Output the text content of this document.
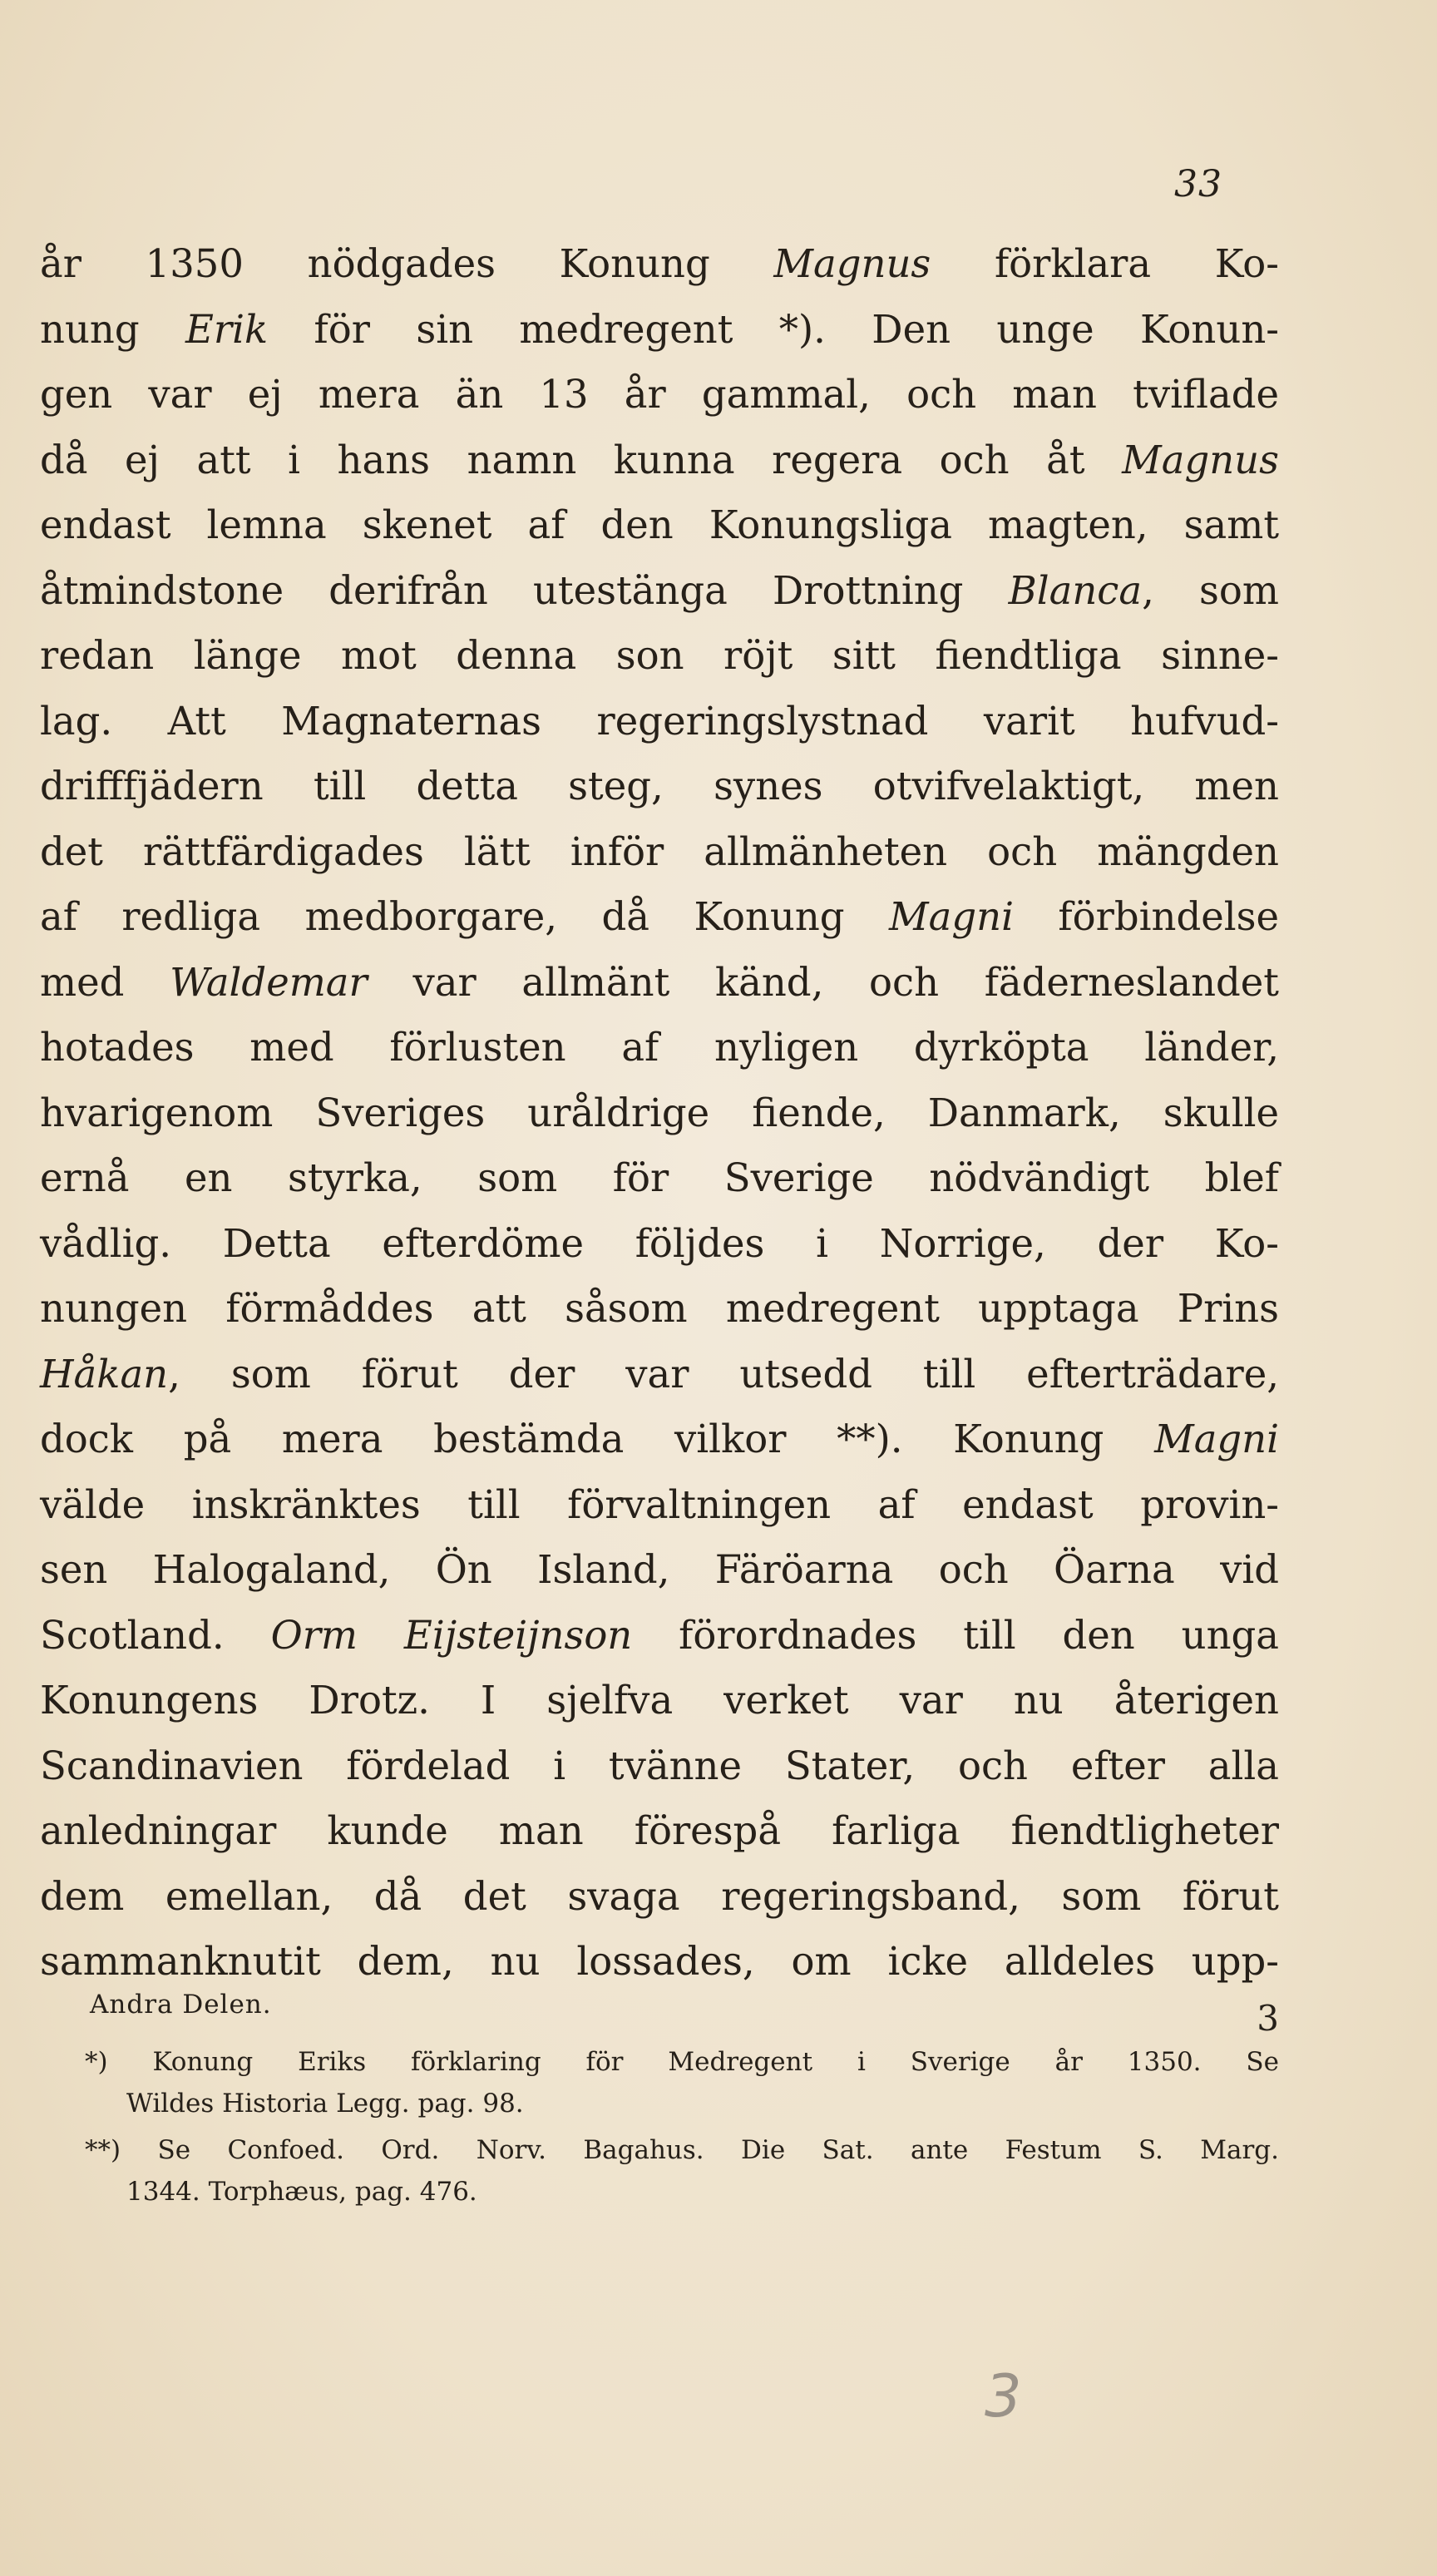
33
år 1350 nödgades Konung Magnus förklara Ko-
nung Erik för sin medregent *). Den unge Konun-
gen var ej mera än 13 år gammal, och man tviflade
då ej att i hans namn kunna regera och åt Magnus
endast lemna skenet af den Konungsliga magten, samt
åtmindstone derifrån utestänga Drottning Blanca, som
redan länge mot denna son röjt sitt fiendtliga sinne-
lag. Att Magnaternas regeringslystnad varit hufvud-
drifffjädern till detta steg, synes otvifvelaktigt, men
det rättfärdigades lätt inför allmänheten och mängden
af redliga medborgare, då Konung Magni förbindelse
med Waldemar var allmänt känd, och fäderneslandet
hotades med förlusten af nyligen dyrköpta länder,
hvarigenom Sveriges uråldrige fiende, Danmark, skulle
ernå en styrka, som för Sverige nödvändigt blef
vådlig. Detta efterdöme följdes i Norrige, der Ko-
nungen förmåddes att såsom medregent upptaga Prins
Håkan, som förut der var utsedd till efterträdare,
dock på mera bestämda vilkor **). Konung Magni
välde inskränktes till förvaltningen af endast provin-
sen Halogaland, Ön Island, Färöarna och Öarna vid
Scotland. Orm Eijsteijnson förordnades till den unga
Konungens Drotz. I sjelfva verket var nu återigen
Scandinavien fördelad i tvänne Stater, och efter alla
anledningar kunde man förespå farliga fiendtligheter
dem emellan, då det svaga regeringsband, som förut
sammanknutit dem, nu lossades, om icke alldeles upp-
Andra Delen.	3
*) Konung Eriks förklaring för Medregent i Sverige år 1350. Se
Wildes Historia Legg. pag. 98.
**) Se Confoed. Ord. Norv. Bagahus. Die Sat. ante Festum S. Marg.
1344. Torphæus, pag. 476.
3
